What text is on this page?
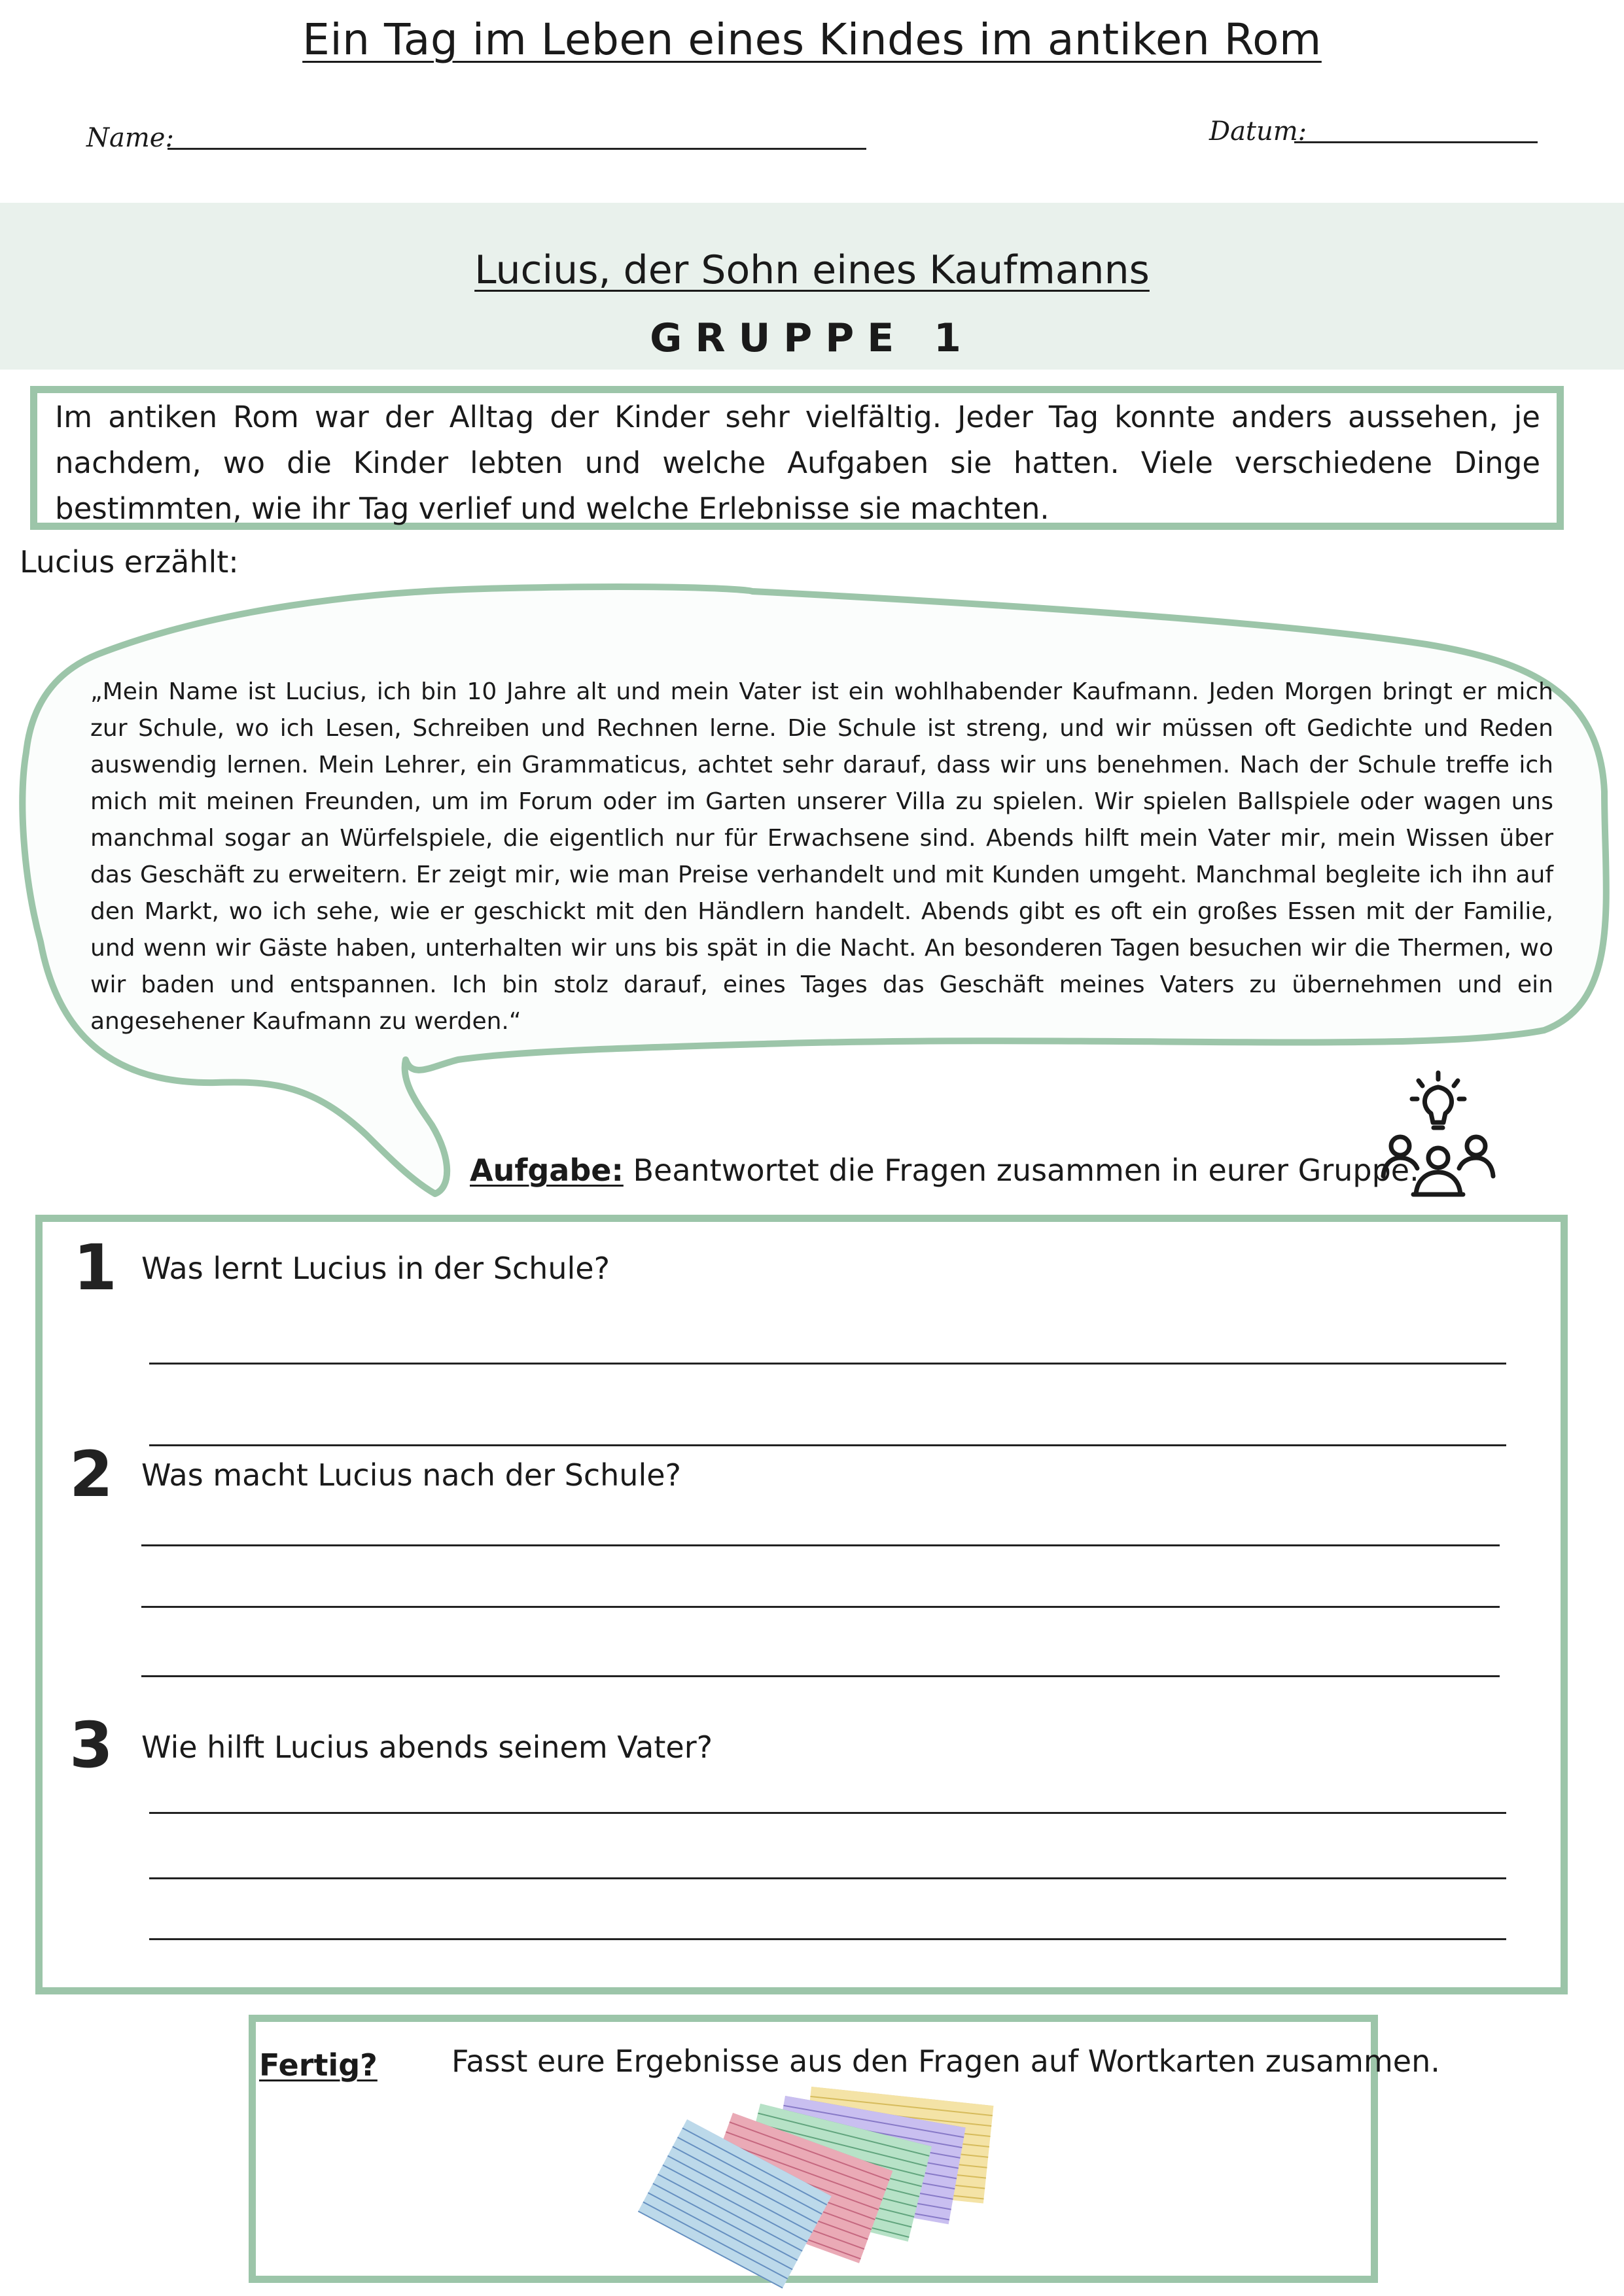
Ein Tag im Leben eines Kindes im antiken Rom
Name:	Datum:
Lucius, der Sohn eines Kaufmanns
GRUPPE 1
Im antiken Rom war der Alltag der Kinder sehr vielfältig. Jeder Tag konnte anders aussehen, je nachdem, wo die Kinder lebten und welche Aufgaben sie hatten. Viele verschiedene Dinge bestimmten, wie ihr Tag verlief und welche Erlebnisse sie machten.
Lucius erzählt:
„Mein Name ist Lucius, ich bin 10 Jahre alt und mein Vater ist ein wohlhabender Kaufmann. Jeden Morgen bringt er mich zur Schule, wo ich Lesen, Schreiben und Rechnen lerne. Die Schule ist streng, und wir müssen oft Gedichte und Reden auswendig lernen. Mein Lehrer, ein Grammaticus, achtet sehr darauf, dass wir uns benehmen. Nach der Schule treffe ich mich mit meinen Freunden, um im Forum oder im Garten unserer Villa zu spielen. Wir spielen Ballspiele oder wagen uns manchmal sogar an Würfelspiele, die eigentlich nur für Erwachsene sind. Abends hilft mein Vater mir, mein Wissen über das Geschäft zu erweitern. Er zeigt mir, wie man Preise verhandelt und mit Kunden umgeht. Manchmal begleite ich ihn auf den Markt, wo ich sehe, wie er geschickt mit den Händlern handelt. Abends gibt es oft ein großes Essen mit der Familie, und wenn wir Gäste haben, unterhalten wir uns bis spät in die Nacht. An besonderen Tagen besuchen wir die Thermen, wo wir baden und entspannen. Ich bin stolz darauf, eines Tages das Geschäft meines Vaters zu übernehmen und ein angesehener Kaufmann zu werden.“
Aufgabe: Beantwortet die Fragen zusammen in eurer Gruppe.
1 Was lernt Lucius in der Schule?
2 Was macht Lucius nach der Schule?
3 Wie hilft Lucius abends seinem Vater?
Fertig? Fasst eure Ergebnisse aus den Fragen auf Wortkarten zusammen.
